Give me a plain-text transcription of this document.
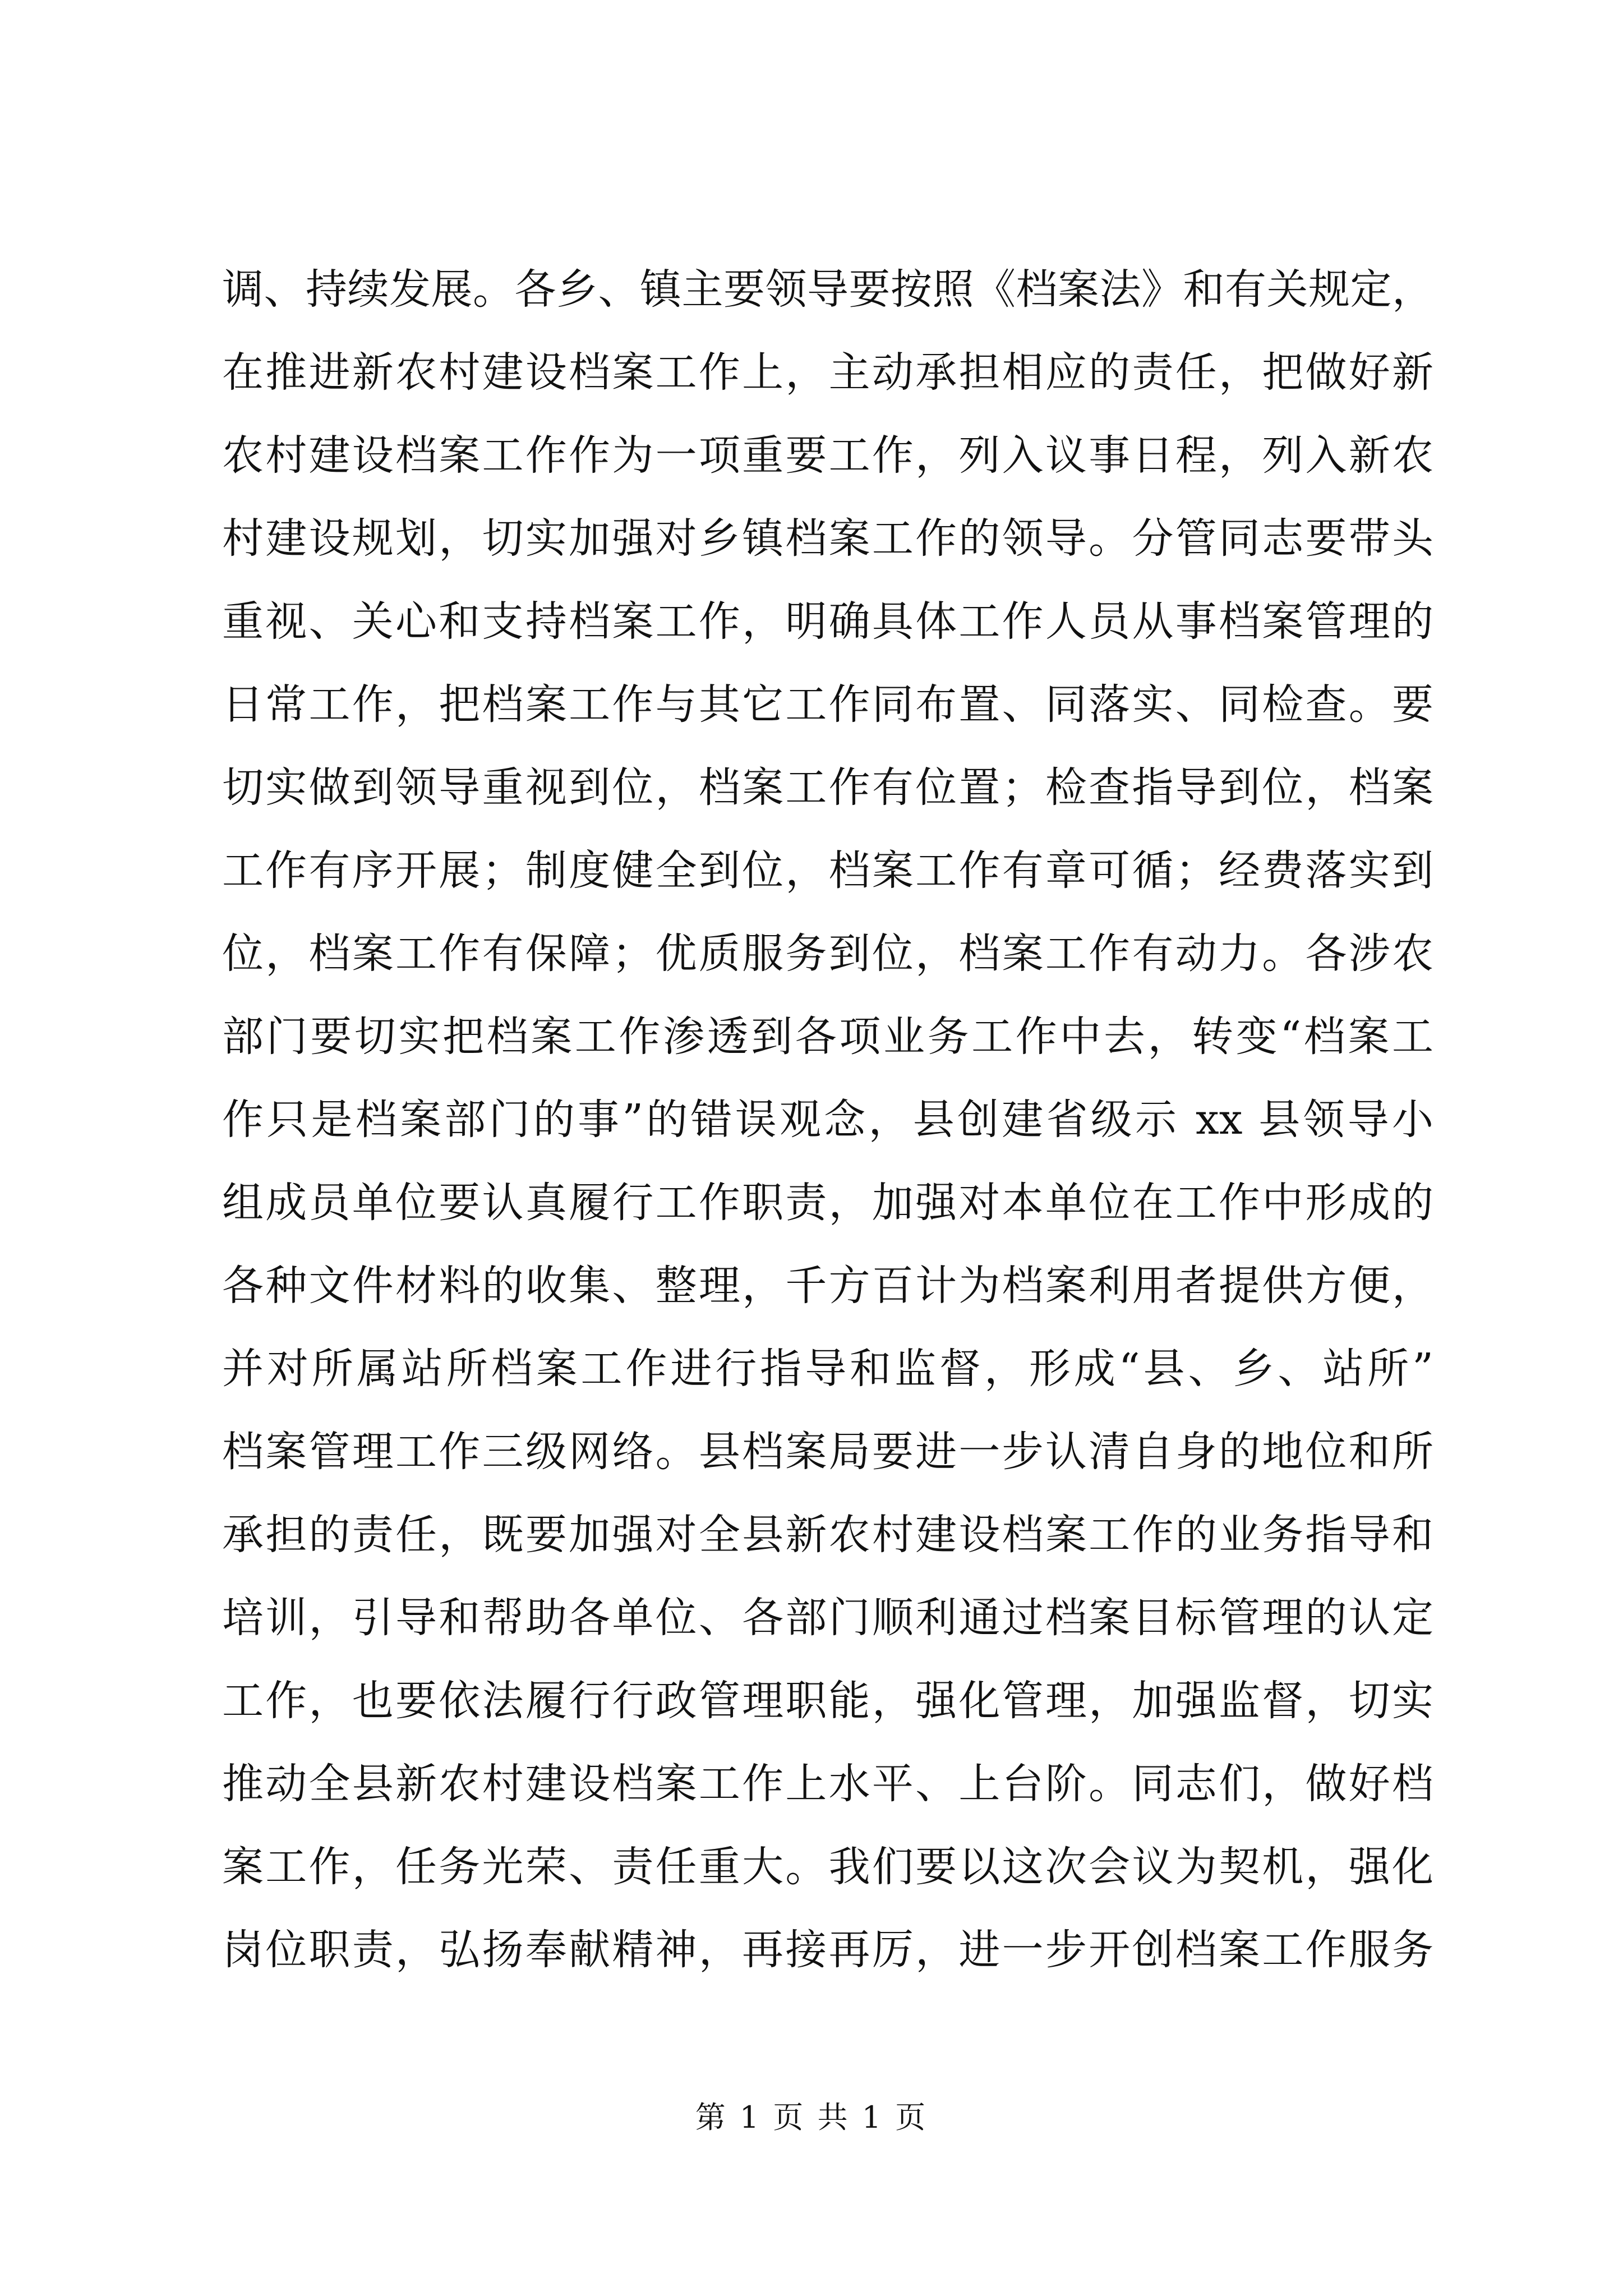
调、持续发展。各乡、镇主要领导要按照《档案法》和有关规定，
在推进新农村建设档案工作上，主动承担相应的责任，把做好新
农村建设档案工作作为一项重要工作，列入议事日程，列入新农
村建设规划，切实加强对乡镇档案工作的领导。分管同志要带头
重视、关心和支持档案工作，明确具体工作人员从事档案管理的
日常工作，把档案工作与其它工作同布置、同落实、同检查。要
切实做到领导重视到位，档案工作有位置；检查指导到位，档案
工作有序开展；制度健全到位，档案工作有章可循；经费落实到
位，档案工作有保障；优质服务到位，档案工作有动力。各涉农
部门要切实把档案工作渗透到各项业务工作中去，转变“档案工
作只是档案部门的事”的错误观念，县创建省级示 xx 县领导小
组成员单位要认真履行工作职责，加强对本单位在工作中形成的
各种文件材料的收集、整理，千方百计为档案利用者提供方便，
并对所属站所档案工作进行指导和监督，形成“县、乡、站所”
档案管理工作三级网络。县档案局要进一步认清自身的地位和所
承担的责任，既要加强对全县新农村建设档案工作的业务指导和
培训，引导和帮助各单位、各部门顺利通过档案目标管理的认定
工作，也要依法履行行政管理职能，强化管理，加强监督，切实
推动全县新农村建设档案工作上水平、上台阶。同志们，做好档
案工作，任务光荣、责任重大。我们要以这次会议为契机，强化
岗位职责，弘扬奉献精神，再接再厉，进一步开创档案工作服务
第 1 页 共 1 页
